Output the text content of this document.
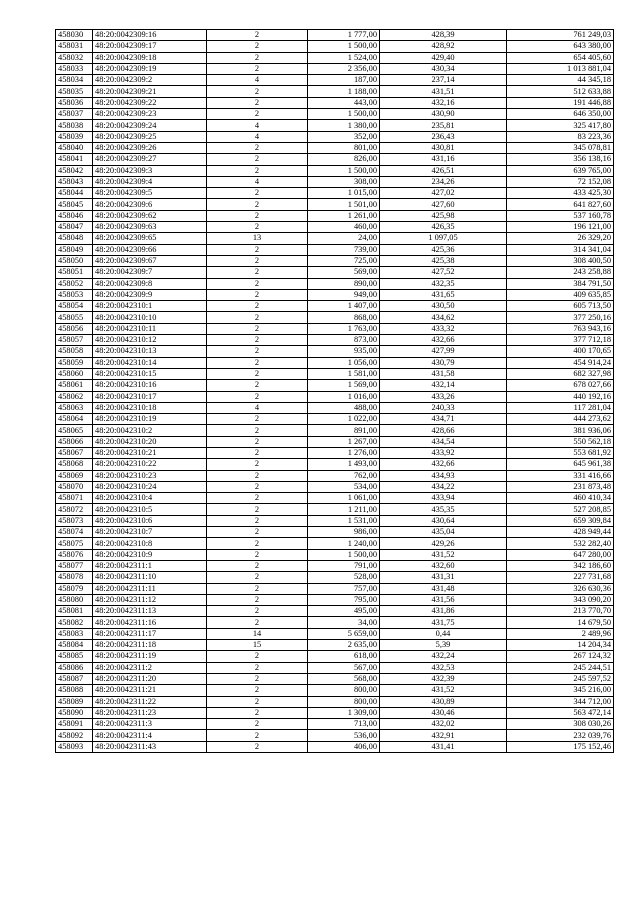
458030	48:20:0042309:16	2	1 777,00	428,39	761 249,03
458031	48:20:0042309:17	2	1 500,00	428,92	643 380,00
458032	48:20:0042309:18	2	1 524,00	429,40	654 405,60
458033	48:20:0042309:19	2	2 356,00	430,34	1 013 881,04
458034	48:20:0042309:2	4	187,00	237,14	44 345,18
458035	48:20:0042309:21	2	1 188,00	431,51	512 633,88
458036	48:20:0042309:22	2	443,00	432,16	191 446,88
458037	48:20:0042309:23	2	1 500,00	430,90	646 350,00
458038	48:20:0042309:24	4	1 380,00	235,81	325 417,80
458039	48:20:0042309:25	4	352,00	236,43	83 223,36
458040	48:20:0042309:26	2	801,00	430,81	345 078,81
458041	48:20:0042309:27	2	826,00	431,16	356 138,16
458042	48:20:0042309:3	2	1 500,00	426,51	639 765,00
458043	48:20:0042309:4	4	308,00	234,26	72 152,08
458044	48:20:0042309:5	2	1 015,00	427,02	433 425,30
458045	48:20:0042309:6	2	1 501,00	427,60	641 827,60
458046	48:20:0042309:62	2	1 261,00	425,98	537 160,78
458047	48:20:0042309:63	2	460,00	426,35	196 121,00
458048	48:20:0042309:65	13	24,00	1 097,05	26 329,20
458049	48:20:0042309:66	2	739,00	425,36	314 341,04
458050	48:20:0042309:67	2	725,00	425,38	308 400,50
458051	48:20:0042309:7	2	569,00	427,52	243 258,88
458052	48:20:0042309:8	2	890,00	432,35	384 791,50
458053	48:20:0042309:9	2	949,00	431,65	409 635,85
458054	48:20:0042310:1	2	1 407,00	430,50	605 713,50
458055	48:20:0042310:10	2	868,00	434,62	377 250,16
458056	48:20:0042310:11	2	1 763,00	433,32	763 943,16
458057	48:20:0042310:12	2	873,00	432,66	377 712,18
458058	48:20:0042310:13	2	935,00	427,99	400 170,65
458059	48:20:0042310:14	2	1 056,00	430,79	454 914,24
458060	48:20:0042310:15	2	1 581,00	431,58	682 327,98
458061	48:20:0042310:16	2	1 569,00	432,14	678 027,66
458062	48:20:0042310:17	2	1 016,00	433,26	440 192,16
458063	48:20:0042310:18	4	488,00	240,33	117 281,04
458064	48:20:0042310:19	2	1 022,00	434,71	444 273,62
458065	48:20:0042310:2	2	891,00	428,66	381 936,06
458066	48:20:0042310:20	2	1 267,00	434,54	550 562,18
458067	48:20:0042310:21	2	1 276,00	433,92	553 681,92
458068	48:20:0042310:22	2	1 493,00	432,66	645 961,38
458069	48:20:0042310:23	2	762,00	434,93	331 416,66
458070	48:20:0042310:24	2	534,00	434,22	231 873,48
458071	48:20:0042310:4	2	1 061,00	433,94	460 410,34
458072	48:20:0042310:5	2	1 211,00	435,35	527 208,85
458073	48:20:0042310:6	2	1 531,00	430,64	659 309,84
458074	48:20:0042310:7	2	986,00	435,04	428 949,44
458075	48:20:0042310:8	2	1 240,00	429,26	532 282,40
458076	48:20:0042310:9	2	1 500,00	431,52	647 280,00
458077	48:20:0042311:1	2	791,00	432,60	342 186,60
458078	48:20:0042311:10	2	528,00	431,31	227 731,68
458079	48:20:0042311:11	2	757,00	431,48	326 630,36
458080	48:20:0042311:12	2	795,00	431,56	343 090,20
458081	48:20:0042311:13	2	495,00	431,86	213 770,70
458082	48:20:0042311:16	2	34,00	431,75	14 679,50
458083	48:20:0042311:17	14	5 659,00	0,44	2 489,96
458084	48:20:0042311:18	15	2 635,00	5,39	14 204,34
458085	48:20:0042311:19	2	618,00	432,24	267 124,32
458086	48:20:0042311:2	2	567,00	432,53	245 244,51
458087	48:20:0042311:20	2	568,00	432,39	245 597,52
458088	48:20:0042311:21	2	800,00	431,52	345 216,00
458089	48:20:0042311:22	2	800,00	430,89	344 712,00
458090	48:20:0042311:23	2	1 309,00	430,46	563 472,14
458091	48:20:0042311:3	2	713,00	432,02	308 030,26
458092	48:20:0042311:4	2	536,00	432,91	232 039,76
458093	48:20:0042311:43	2	406,00	431,41	175 152,46
